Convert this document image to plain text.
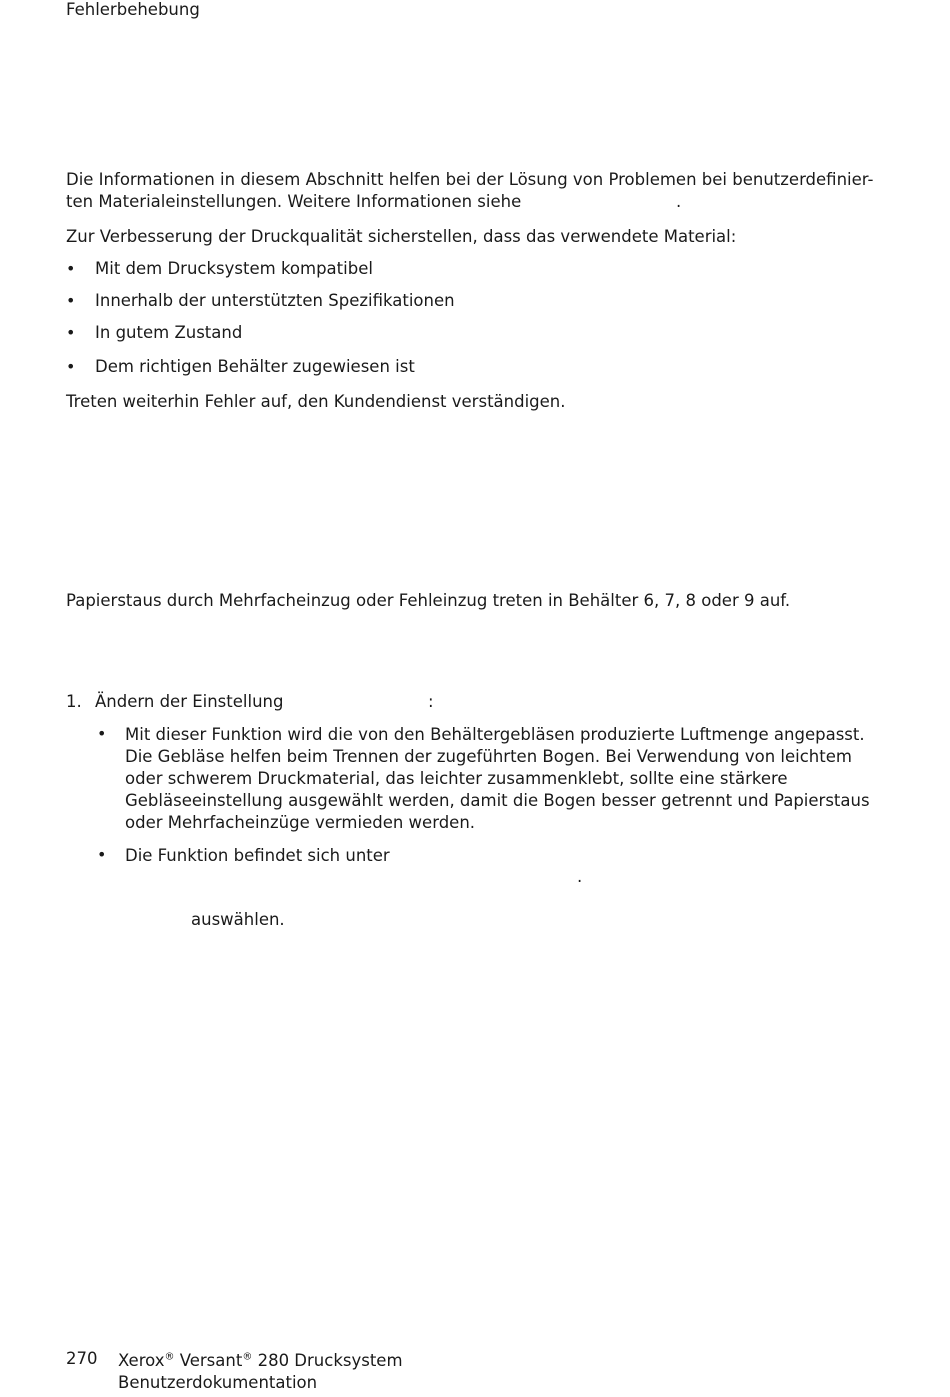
Fehlerbehebung
Die Informationen in diesem Abschnitt helfen bei der Lösung von Problemen bei benutzerdefinier-
ten Materialeinstellungen. Weitere Informationen siehe	.
Zur Verbesserung der Druckqualität sicherstellen, dass das verwendete Material:
• Mit dem Drucksystem kompatibel
• Innerhalb der unterstützten Spezifikationen
• In gutem Zustand
• Dem richtigen Behälter zugewiesen ist
Treten weiterhin Fehler auf, den Kundendienst verständigen.
Papierstaus durch Mehrfacheinzug oder Fehleinzug treten in Behälter 6, 7, 8 oder 9 auf.
1. Ändern der Einstellung	:
• Mit dieser Funktion wird die von den Behältergebläsen produzierte Luftmenge angepasst.
Die Gebläse helfen beim Trennen der zugeführten Bogen. Bei Verwendung von leichtem
oder schwerem Druckmaterial, das leichter zusammenklebt, sollte eine stärkere
Gebläseeinstellung ausgewählt werden, damit die Bogen besser getrennt und Papierstaus
oder Mehrfacheinzüge vermieden werden.
• Die Funktion befindet sich unter
.
auswählen.
270 Xerox® Versant® 280 Drucksystem
Benutzerdokumentation
